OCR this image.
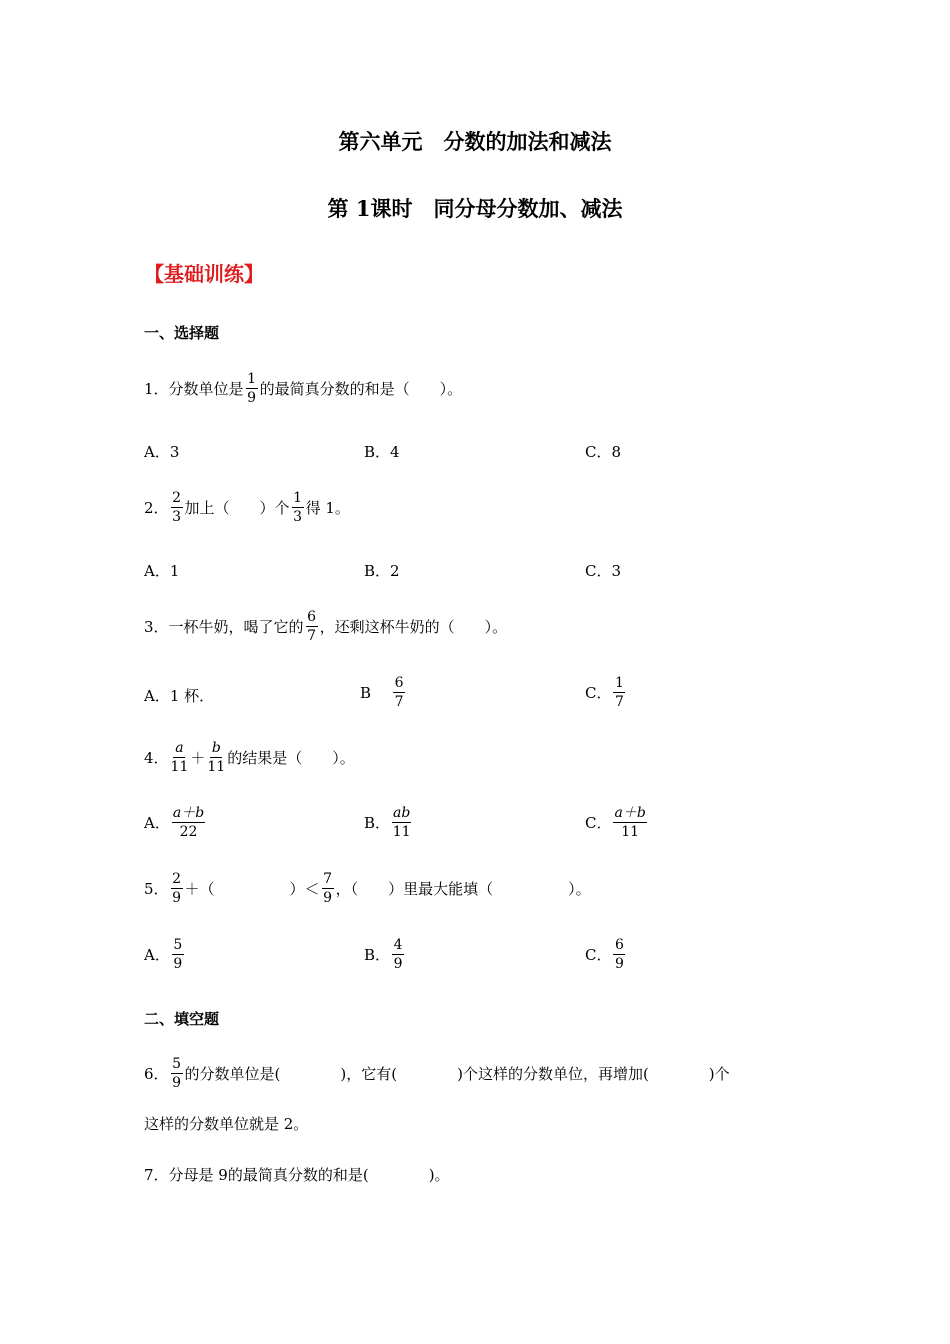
第六单元　分数的加法和减法
第 1课时　同分母分数加、减法
【基础训练】
一、选择题
1． 分数单位是 $\frac{1}{9}$ 的最简真分数的和是（　　）。
A．3	B．4	C．8
2． $\frac{2}{3}$ 加上（　　）个 $\frac{1}{3}$ 得 1。
A．1	B．2	C．3
3． 一杯牛奶，喝了它的 $\frac{6}{7}$ ，还剩这杯牛奶的（　　）。
A．1 杯．	B $\frac{6}{7}$	C． $\frac{1}{7}$
4． $\frac{a}{11} + \frac{b}{11}$ 的结果是（　　）。
A． $\frac{a+b}{22}$	B． $\frac{ab}{11}$	C． $\frac{a+b}{11}$
5． $\frac{2}{9}$ ＋（　　　　　）＜ $\frac{7}{9}$ ，（　　）里最大能填（　　　　　）。
A． $\frac{5}{9}$	B． $\frac{4}{9}$	C． $\frac{6}{9}$
二、填空题
6． $\frac{5}{9}$ 的分数单位是(　　　　)，它有(　　　　)个这样的分数单位，再增加(　　　　)个
这样的分数单位就是 2。
7．分母是 9的最简真分数的和是(　　　　)。
